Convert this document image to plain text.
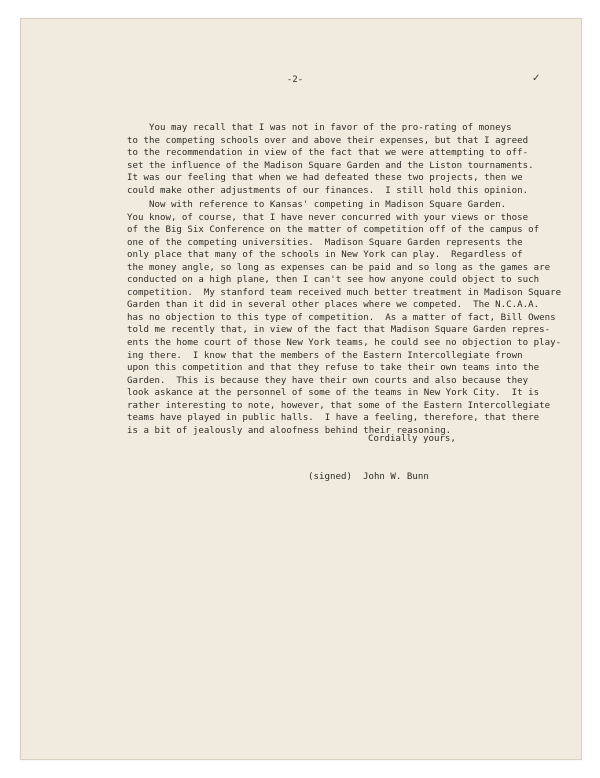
-2-	✓
You may recall that I was not in favor of the pro-rating of moneys
to the competing schools over and above their expenses, but that I agreed
to the recommendation in view of the fact that we were attempting to off-
set the influence of the Madison Square Garden and the Liston tournaments.
It was our feeling that when we had defeated these two projects, then we
could make other adjustments of our finances.  I still hold this opinion.
Now with reference to Kansas' competing in Madison Square Garden.
You know, of course, that I have never concurred with your views or those
of the Big Six Conference on the matter of competition off of the campus of
one of the competing universities.  Madison Square Garden represents the
only place that many of the schools in New York can play.  Regardless of
the money angle, so long as expenses can be paid and so long as the games are
conducted on a high plane, then I can't see how anyone could object to such
competition.  My stanford team received much better treatment in Madison Square
Garden than it did in several other places where we competed.  The N.C.A.A.
has no objection to this type of competition.  As a matter of fact, Bill Owens
told me recently that, in view of the fact that Madison Square Garden repres-
ents the home court of those New York teams, he could see no objection to play-
ing there.  I know that the members of the Eastern Intercollegiate frown
upon this competition and that they refuse to take their own teams into the
Garden.  This is because they have their own courts and also because they
look askance at the personnel of some of the teams in New York City.  It is
rather interesting to note, however, that some of the Eastern Intercollegiate
teams have played in public halls.  I have a feeling, therefore, that there
is a bit of jealously and aloofness behind their reasoning.
Cordially yours,
(signed)  John W. Bunn
